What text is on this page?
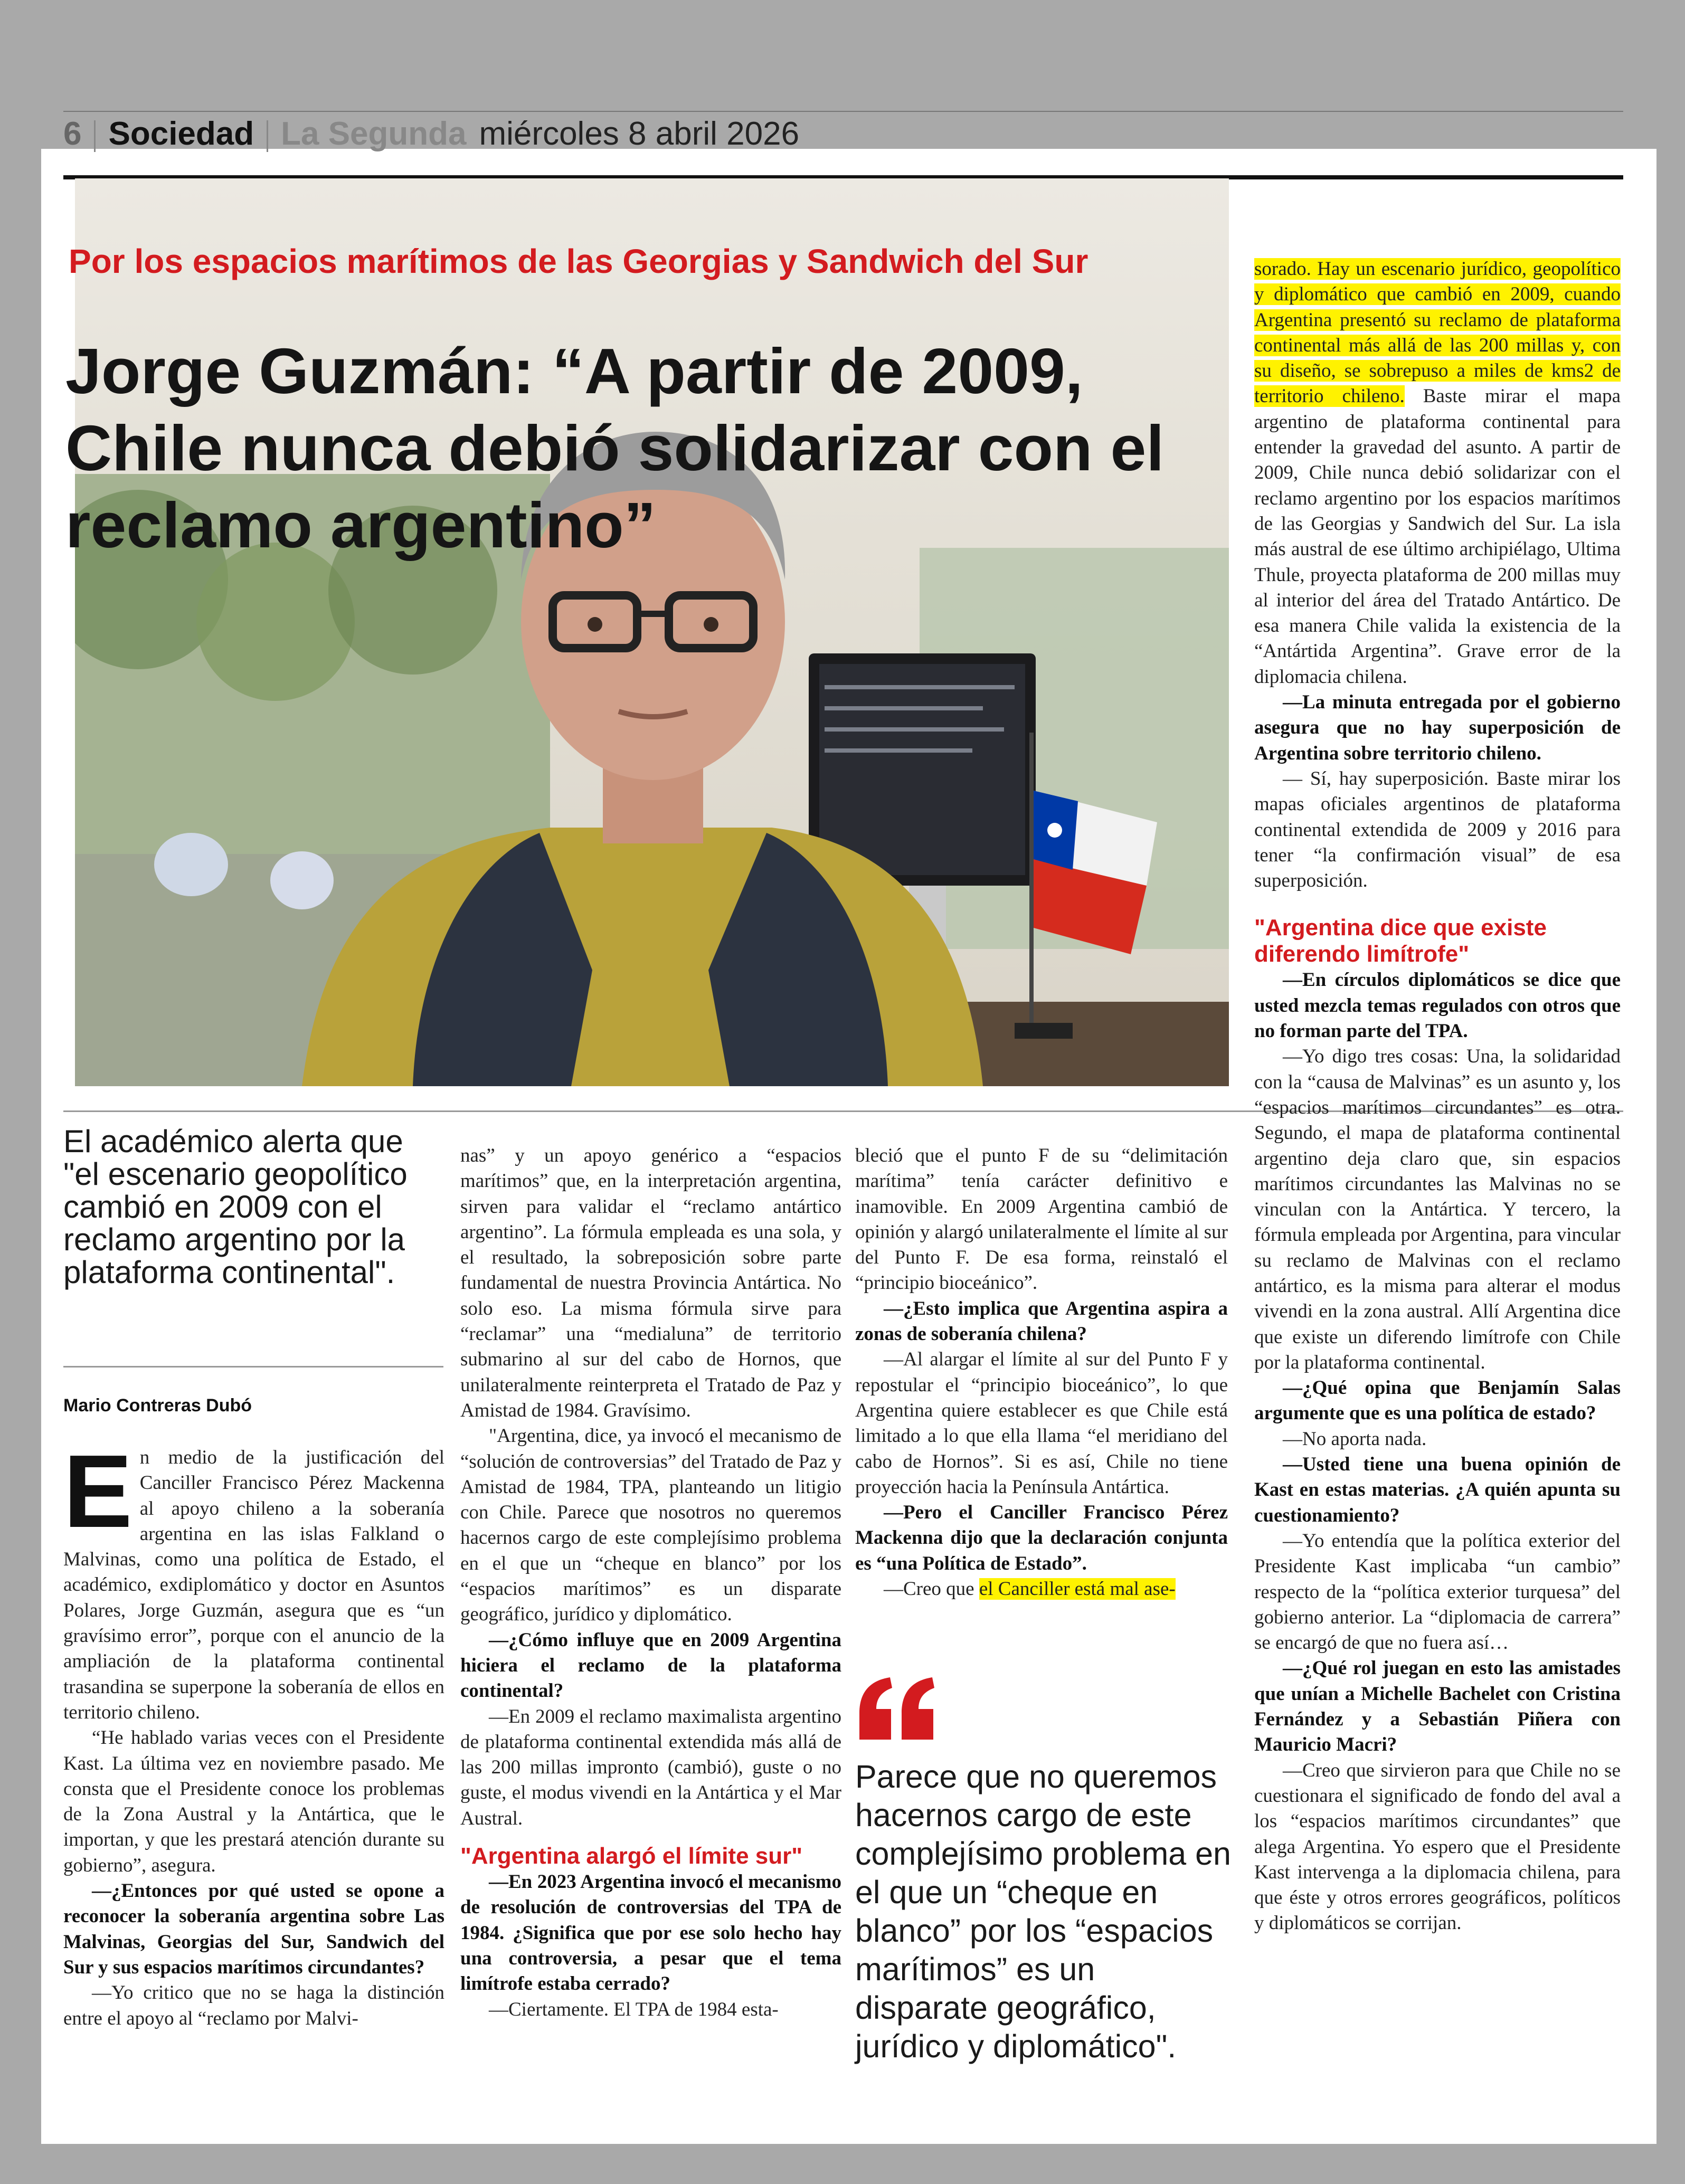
6 Sociedad La Segunda miércoles 8 abril 2026
Por los espacios marítimos de las Georgias y Sandwich del Sur
Jorge Guzmán: “A partir de 2009, Chile nunca debió solidarizar con el reclamo argentino”
El académico alerta que "el escenario geopolítico cambió en 2009 con el reclamo argentino por la plataforma continental".
Mario Contreras Dubó

En medio de la justificación del Canciller Francisco Pérez Mackenna al apoyo chileno a la soberanía argentina en las islas Falkland o Malvinas, como una política de Estado, el académico, exdiplomático y doctor en Asuntos Polares, Jorge Guzmán, asegura que es “un gravísimo error”, porque con el anuncio de la ampliación de la plataforma continental trasandina se superpone la soberanía de ellos en territorio chileno.

“He hablado varias veces con el Presidente Kast. La última vez en noviembre pasado. Me consta que el Presidente conoce los problemas de la Zona Austral y la Antártica, que le importan, y que les prestará atención durante su gobierno”, asegura.

—¿Entonces por qué usted se opone a reconocer la soberanía argentina sobre Las Malvinas, Georgias del Sur, Sandwich del Sur y sus espacios marítimos circundantes?

—Yo critico que no se haga la distinción entre el apoyo al “reclamo por Malvi-

nas” y un apoyo genérico a “espacios marítimos” que, en la interpretación argentina, sirven para validar el “reclamo antártico argentino”. La fórmula empleada es una sola, y el resultado, la sobreposición sobre parte fundamental de nuestra Provincia Antártica. No solo eso. La misma fórmula sirve para “reclamar” una “medialuna” de territorio submarino al sur del cabo de Hornos, que unilateralmente reinterpreta el Tratado de Paz y Amistad de 1984. Gravísimo.

"Argentina, dice, ya invocó el mecanismo de “solución de controversias” del Tratado de Paz y Amistad de 1984, TPA, planteando un litigio con Chile. Parece que nosotros no queremos hacernos cargo de este complejísimo problema en el que un “cheque en blanco” por los “espacios marítimos” es un disparate geográfico, jurídico y diplomático.

—¿Cómo influye que en 2009 Argentina hiciera el reclamo de la plataforma continental?

—En 2009 el reclamo maximalista argentino de plataforma continental extendida más allá de las 200 millas impronto (cambió), guste o no guste, el modus vivendi en la Antártica y el Mar Austral.

"Argentina alargó el límite sur"

—En 2023 Argentina invocó el mecanismo de resolución de controversias del TPA de 1984. ¿Significa que por ese solo hecho hay una controversia, a pesar que el tema limítrofe estaba cerrado?

—Ciertamente. El TPA de 1984 esta-

bleció que el punto F de su “delimitación marítima” tenía carácter definitivo e inamovible. En 2009 Argentina cambió de opinión y alargó unilateralmente el límite al sur del Punto F. De esa forma, reinstaló el “principio bioceánico”.

—¿Esto implica que Argentina aspira a zonas de soberanía chilena?

—Al alargar el límite al sur del Punto F y repostular el “principio bioceánico”, lo que Argentina quiere establecer es que Chile está limitado a lo que ella llama “el meridiano del cabo de Hornos”. Si es así, Chile no tiene proyección hacia la Península Antártica.

—Pero el Canciller Francisco Pérez Mackenna dijo que la declaración conjunta es “una Política de Estado”.

—Creo que el Canciller está mal ase-

Parece que no queremos hacernos cargo de este complejísimo problema en el que un “cheque en blanco” por los “espacios marítimos” es un disparate geográfico, jurídico y diplomático".

sorado. Hay un escenario jurídico, geopolítico y diplomático que cambió en 2009, cuando Argentina presentó su reclamo de plataforma continental más allá de las 200 millas y, con su diseño, se sobrepuso a miles de kms2 de territorio chileno. Baste mirar el mapa argentino de plataforma continental para entender la gravedad del asunto. A partir de 2009, Chile nunca debió solidarizar con el reclamo argentino por los espacios marítimos de las Georgias y Sandwich del Sur. La isla más austral de ese último archipiélago, Ultima Thule, proyecta plataforma de 200 millas muy al interior del área del Tratado Antártico. De esa manera Chile valida la existencia de la “Antártida Argentina”. Grave error de la diplomacia chilena.

—La minuta entregada por el gobierno asegura que no hay superposición de Argentina sobre territorio chileno.

— Sí, hay superposición. Baste mirar los mapas oficiales argentinos de plataforma continental extendida de 2009 y 2016 para tener “la confirmación visual” de esa superposición.

"Argentina dice que existe diferendo limítrofe"

—En círculos diplomáticos se dice que usted mezcla temas regulados con otros que no forman parte del TPA.

—Yo digo tres cosas: Una, la solidaridad con la “causa de Malvinas” es un asunto y, los “espacios marítimos circundantes” es otra. Segundo, el mapa de plataforma continental argentino deja claro que, sin espacios marítimos circundantes las Malvinas no se vinculan con la Antártica. Y tercero, la fórmula empleada por Argentina, para vincular su reclamo de Malvinas con el reclamo antártico, es la misma para alterar el modus vivendi en la zona austral. Allí Argentina dice que existe un diferendo limítrofe con Chile por la plataforma continental.

—¿Qué opina que Benjamín Salas argumente que es una política de estado?

—No aporta nada.

—Usted tiene una buena opinión de Kast en estas materias. ¿A quién apunta su cuestionamiento?

—Yo entendía que la política exterior del Presidente Kast implicaba “un cambio” respecto de la “política exterior turquesa” del gobierno anterior. La “diplomacia de carrera” se encargó de que no fuera así…

—¿Qué rol juegan en esto las amistades que unían a Michelle Bachelet con Cristina Fernández y a Sebastián Piñera con Mauricio Macri?

—Creo que sirvieron para que Chile no se cuestionara el significado de fondo del aval a los “espacios marítimos circundantes” que alega Argentina. Yo espero que el Presidente Kast intervenga a la diplomacia chilena, para que éste y otros errores geográficos, políticos y diplomáticos se corrijan.
